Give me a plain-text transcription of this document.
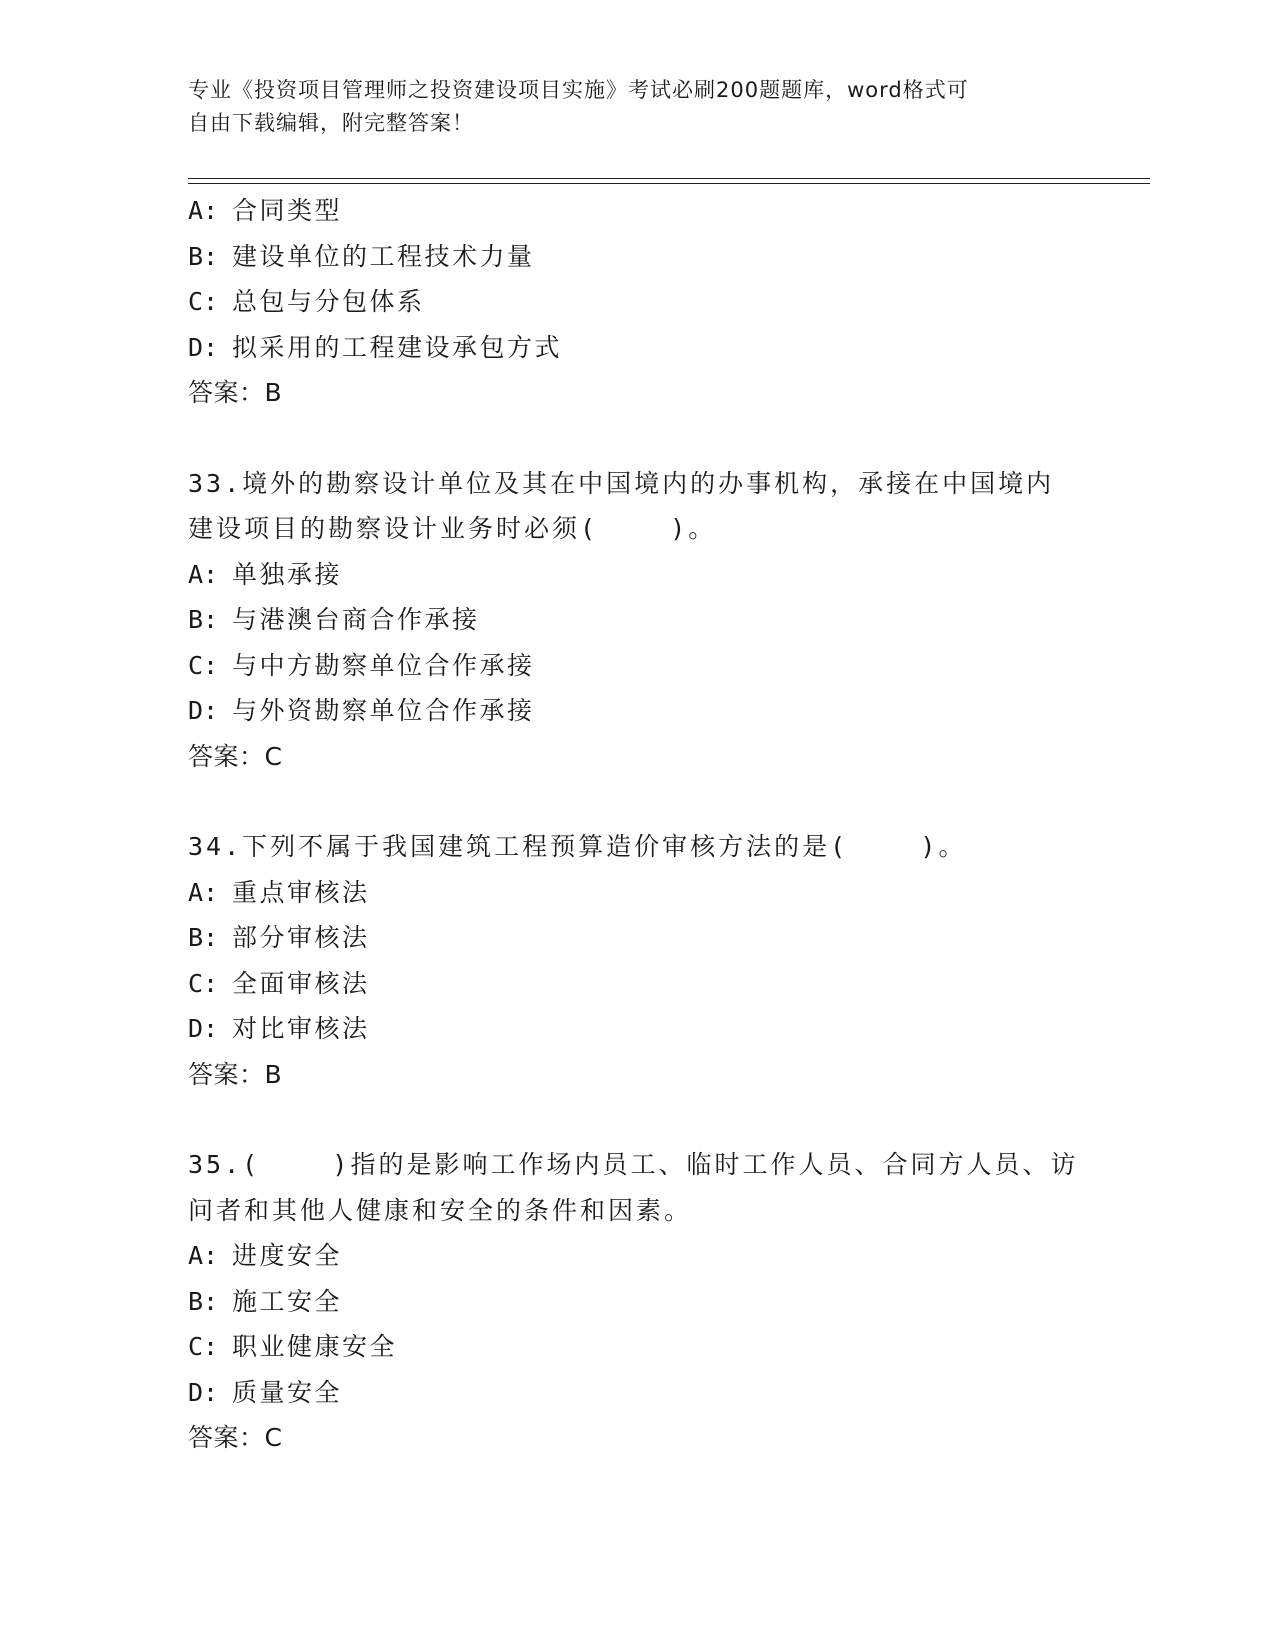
专业《投资项目管理师之投资建设项目实施》考试必刷200题题库，word格式可
自由下载编辑，附完整答案！
A: 合同类型
B: 建设单位的工程技术力量
C: 总包与分包体系
D: 拟采用的工程建设承包方式
答案：B
33.境外的勘察设计单位及其在中国境内的办事机构，承接在中国境内
建设项目的勘察设计业务时必须(    )。
A: 单独承接
B: 与港澳台商合作承接
C: 与中方勘察单位合作承接
D: 与外资勘察单位合作承接
答案：C
34.下列不属于我国建筑工程预算造价审核方法的是(    )。
A: 重点审核法
B: 部分审核法
C: 全面审核法
D: 对比审核法
答案：B
35.(    )指的是影响工作场内员工、临时工作人员、合同方人员、访
问者和其他人健康和安全的条件和因素。
A: 进度安全
B: 施工安全
C: 职业健康安全
D: 质量安全
答案：C
